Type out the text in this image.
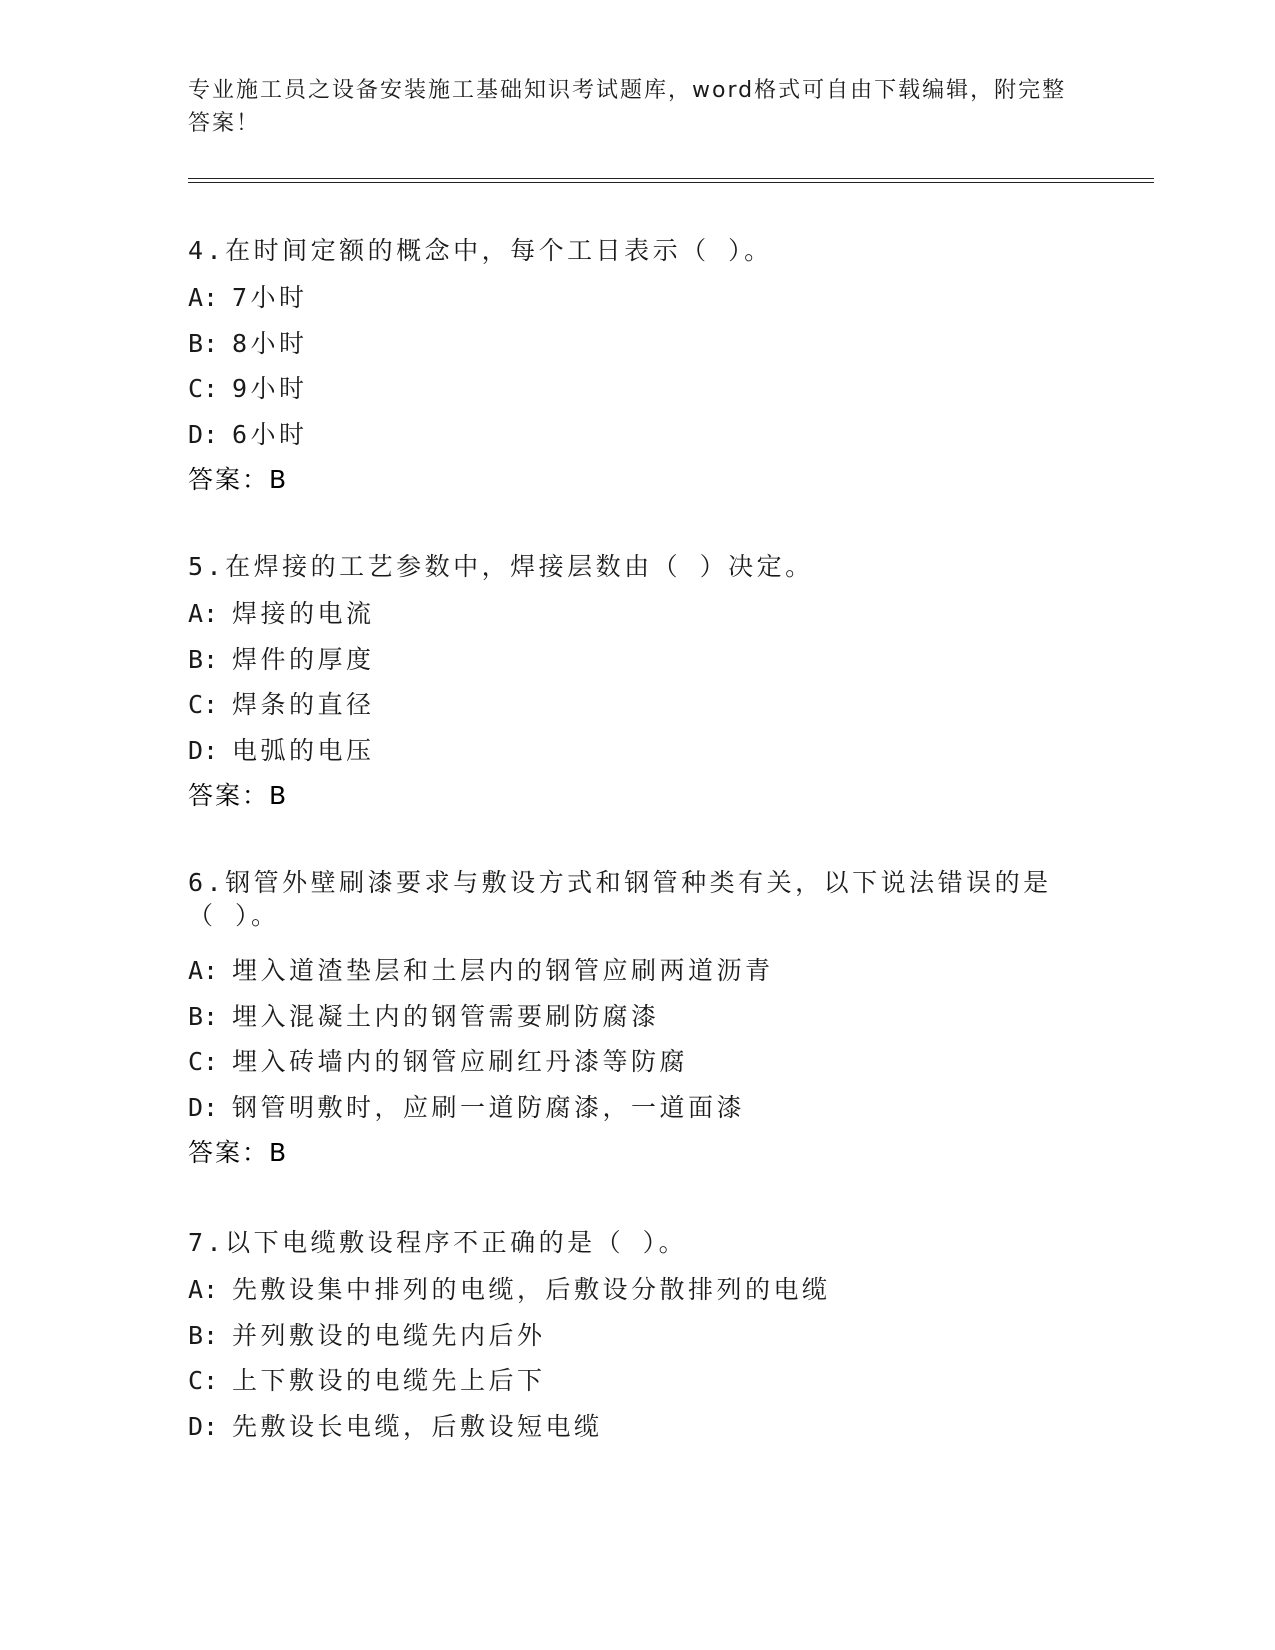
专业施工员之设备安装施工基础知识考试题库，word格式可自由下载编辑，附完整答案！
4.在时间定额的概念中，每个工日表示（ ）。
A: 7小时
B: 8小时
C: 9小时
D: 6小时
答案：B
5.在焊接的工艺参数中，焊接层数由（ ）决定。
A: 焊接的电流
B: 焊件的厚度
C: 焊条的直径
D: 电弧的电压
答案：B
6.钢管外壁刷漆要求与敷设方式和钢管种类有关，以下说法错误的是（ ）。
A: 埋入道渣垫层和土层内的钢管应刷两道沥青
B: 埋入混凝土内的钢管需要刷防腐漆
C: 埋入砖墙内的钢管应刷红丹漆等防腐
D: 钢管明敷时，应刷一道防腐漆，一道面漆
答案：B
7.以下电缆敷设程序不正确的是（ ）。
A: 先敷设集中排列的电缆，后敷设分散排列的电缆
B: 并列敷设的电缆先内后外
C: 上下敷设的电缆先上后下
D: 先敷设长电缆，后敷设短电缆
